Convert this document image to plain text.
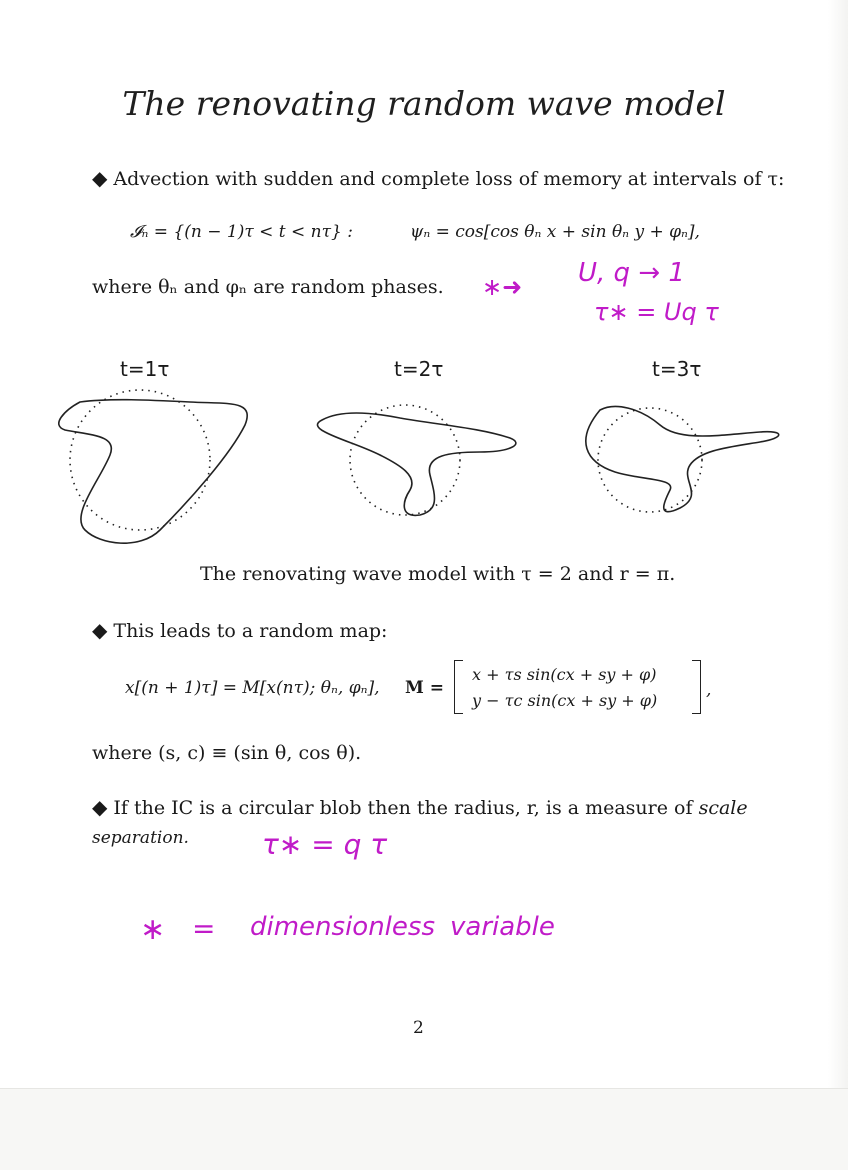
The renovating random wave model
◆ Advection with sudden and complete loss of memory at intervals of τ:
𝓘ₙ = {(n − 1)τ < t < nτ} :	ψₙ = cos[cos θₙ x + sin θₙ y + φₙ],
where θₙ and φₙ are random phases. ∗➜ U, q → 1
τ∗ = Uq τ
t=1τ	t=2τ	t=3τ
The renovating wave model with τ = 2 and r = π.
◆ This leads to a random map:
x[(n + 1)τ] = M[x(nτ); θₙ, φₙ], M =
x + τs sin(cx + sy + φ)
y − τc sin(cx + sy + φ)
,
where (s, c) ≡ (sin θ, cos θ).
◆ If the IC is a circular blob then the radius, r, is a measure of scale
separation.	τ∗ = q τ
∗ = dimensionless variable
2
